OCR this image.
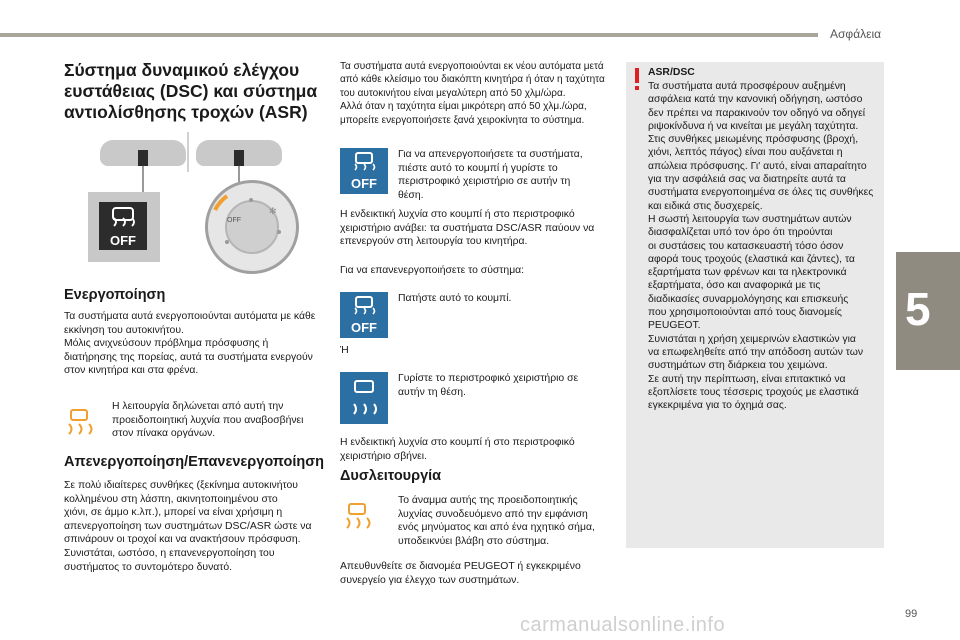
Ασφάλεια
5
Σύστημα δυναμικού ελέγχου
ευστάθειας (DSC) και σύστημα
αντιολίσθησης τροχών (ASR)
OFF
OFF
✻
Ενεργοποίηση
Τα συστήματα αυτά ενεργοποιούνται αυτόματα με κάθε
εκκίνηση του αυτοκινήτου.
Μόλις ανιχνεύσουν πρόβλημα πρόσφυσης ή
διατήρησης της πορείας, αυτά τα συστήματα ενεργούν
στον κινητήρα και στα φρένα.
Η λειτουργία δηλώνεται από αυτή την
προειδοποιητική λυχνία που αναβοσβήνει
στον πίνακα οργάνων.
Απενεργοποίηση/Επανενεργοποίηση
Σε πολύ ιδιαίτερες συνθήκες (ξεκίνημα αυτοκινήτου
κολλημένου στη λάσπη, ακινητοποιημένου στο
χιόνι, σε άμμο κ.λπ.), μπορεί να είναι χρήσιμη η
απενεργοποίηση των συστημάτων DSC/ASR ώστε να
σπινάρουν οι τροχοί και να ανακτήσουν πρόσφυση.
Συνιστάται, ωστόσο, η επανενεργοποίηση του
συστήματος το συντομότερο δυνατό.
Τα συστήματα αυτά ενεργοποιούνται εκ νέου αυτόματα μετά
από κάθε κλείσιμο του διακόπτη κινητήρα ή όταν η ταχύτητα
του αυτοκινήτου είναι μεγαλύτερη από 50 χλμ/ώρα.
Αλλά όταν η ταχύτητα είμαι μικρότερη από 50 χλμ./ώρα,
μπορείτε ενεργοποιήσετε ξανά χειροκίνητα το σύστημα.
OFF
Για να απενεργοποιήσετε τα συστήματα,
πιέστε αυτό το κουμπί ή γυρίστε το
περιστροφικό χειριστήριο σε αυτήν τη
θέση.
Η ενδεικτική λυχνία στο κουμπί ή στο περιστροφικό
χειριστήριο ανάβει: τα συστήματα DSC/ASR παύουν να
επενεργούν στη λειτουργία του κινητήρα.
Για να επανενεργοποιήσετε το σύστημα:
OFF
Πατήστε αυτό το κουμπί.
Ή
Γυρίστε το περιστροφικό χειριστήριο σε
αυτήν τη θέση.
Η ενδεικτική λυχνία στο κουμπί ή στο περιστροφικό
χειριστήριο σβήνει.
Δυσλειτουργία
Το άναμμα αυτής της προειδοποιητικής
λυχνίας συνοδευόμενο από την εμφάνιση
ενός μηνύματος και από ένα ηχητικό σήμα,
υποδεικνύει βλάβη στο σύστημα.
Απευθυνθείτε σε διανομέα PEUGEOT ή εγκεκριμένο
συνεργείο για έλεγχο των συστημάτων.
ASR/DSC
Τα συστήματα αυτά προσφέρουν αυξημένη
ασφάλεια κατά την κανονική οδήγηση, ωστόσο
δεν πρέπει να παρακινούν τον οδηγό να οδηγεί
ριψοκίνδυνα ή να κινείται με μεγάλη ταχύτητα.
Στις συνθήκες μειωμένης πρόσφυσης (βροχή,
χιόνι, λεπτός πάγος) είναι που αυξάνεται η
απώλεια πρόσφυσης. Γι' αυτό, είναι απαραίτητο
για την ασφάλειά σας να διατηρείτε αυτά τα
συστήματα ενεργοποιημένα σε όλες τις συνθήκες
και ειδικά στις δυσχερείς.
Η σωστή λειτουργία των συστημάτων αυτών
διασφαλίζεται υπό τον όρο ότι τηρούνται
οι συστάσεις του κατασκευαστή τόσο όσον
αφορά τους τροχούς (ελαστικά και ζάντες), τα
εξαρτήματα των φρένων και τα ηλεκτρονικά
εξαρτήματα, όσο και αναφορικά με τις
διαδικασίες συναρμολόγησης και επισκευής
που χρησιμοποιούνται από τους διανομείς
PEUGEOT.
Συνιστάται η χρήση χειμερινών ελαστικών για
να επωφεληθείτε από την απόδοση αυτών των
συστημάτων στη διάρκεια του χειμώνα.
Σε αυτή την περίπτωση, είναι επιτακτικό να
εξοπλίσετε τους τέσσερις τροχούς με ελαστικά
εγκεκριμένα για το όχημά σας.
carmanualsonline.info	99
